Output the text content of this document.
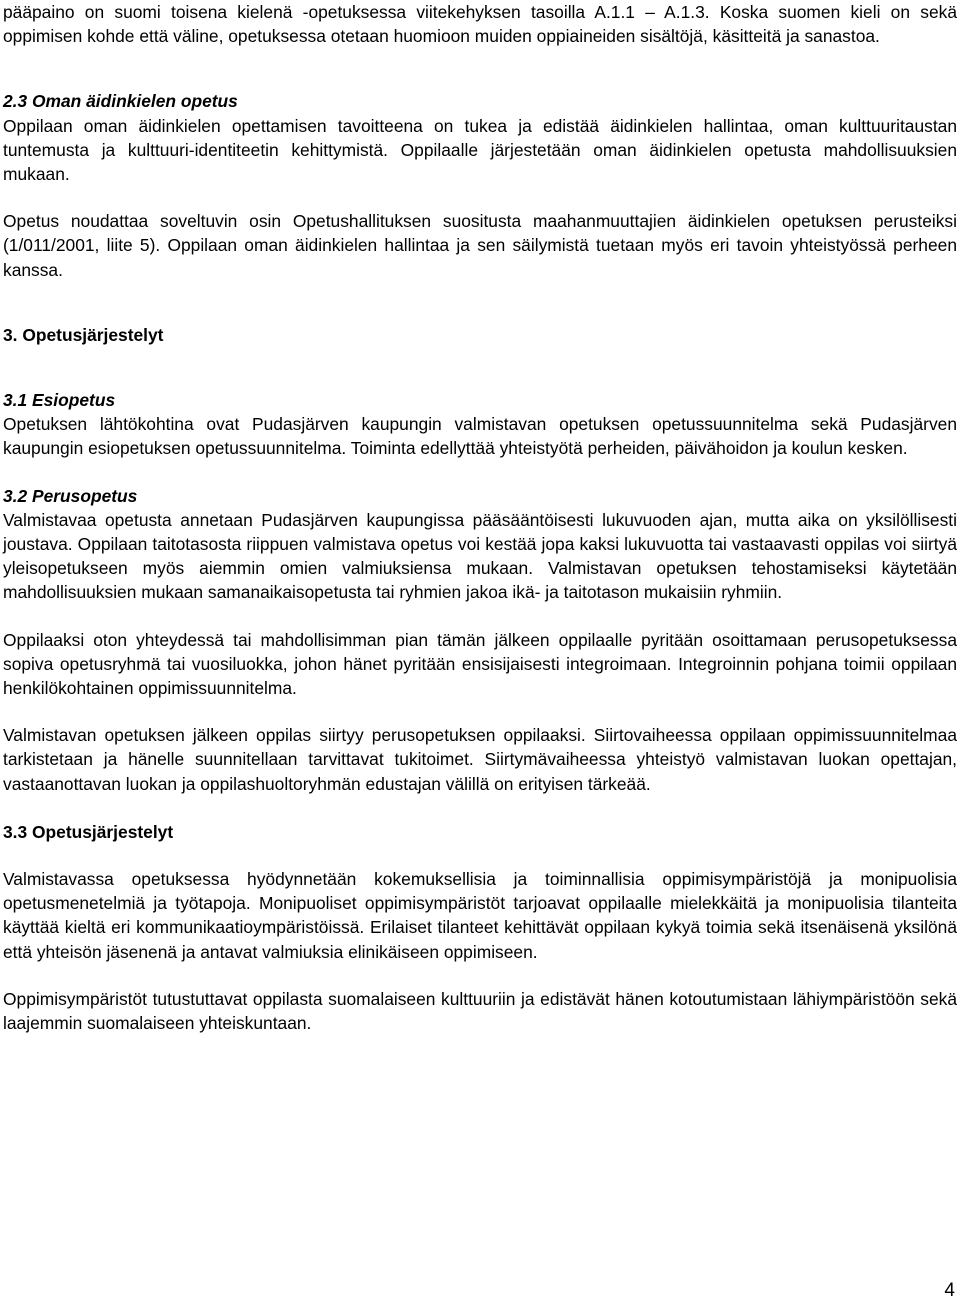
pääpaino on suomi toisena kielenä -opetuksessa viitekehyksen tasoilla A.1.1 – A.1.3. Koska suomen kieli on sekä oppimisen kohde että väline, opetuksessa otetaan huomioon muiden oppiaineiden sisältöjä, käsitteitä ja sanastoa.

2.3 Oman äidinkielen opetus

Oppilaan oman äidinkielen opettamisen tavoitteena on tukea ja edistää äidinkielen hallintaa, oman kulttuuritaustan tuntemusta ja kulttuuri-identiteetin kehittymistä. Oppilaalle järjestetään oman äidinkielen opetusta mahdollisuuksien mukaan.

Opetus noudattaa soveltuvin osin Opetushallituksen suositusta maahanmuuttajien äidinkielen opetuksen perusteiksi (1/011/2001, liite 5). Oppilaan oman äidinkielen hallintaa ja sen säilymistä tuetaan myös eri tavoin yhteistyössä perheen kanssa.

3. Opetusjärjestelyt
3.1 Esiopetus

Opetuksen lähtökohtina ovat Pudasjärven kaupungin valmistavan opetuksen opetussuunnitelma sekä Pudasjärven kaupungin esiopetuksen opetussuunnitelma. Toiminta edellyttää yhteistyötä perheiden, päivähoidon ja koulun kesken.

3.2 Perusopetus

Valmistavaa opetusta annetaan Pudasjärven kaupungissa pääsääntöisesti lukuvuoden ajan, mutta aika on yksilöllisesti joustava. Oppilaan taitotasosta riippuen valmistava opetus voi kestää jopa kaksi lukuvuotta tai vastaavasti oppilas voi siirtyä yleisopetukseen myös aiemmin omien valmiuksiensa mukaan. Valmistavan opetuksen tehostamiseksi käytetään mahdollisuuksien mukaan samanaikaisopetusta tai ryhmien jakoa ikä- ja taitotason mukaisiin ryhmiin.

Oppilaaksi oton yhteydessä tai mahdollisimman pian tämän jälkeen oppilaalle pyritään osoittamaan perusopetuksessa sopiva opetusryhmä tai vuosiluokka, johon hänet pyritään ensisijaisesti integroimaan. Integroinnin pohjana toimii oppilaan henkilökohtainen oppimissuunnitelma.

Valmistavan opetuksen jälkeen oppilas siirtyy perusopetuksen oppilaaksi. Siirtovaiheessa oppilaan oppimissuunnitelmaa tarkistetaan ja hänelle suunnitellaan tarvittavat tukitoimet. Siirtymävaiheessa yhteistyö valmistavan luokan opettajan, vastaanottavan luokan ja oppilashuoltoryhmän edustajan välillä on erityisen tärkeää.

3.3 Opetusjärjestelyt

Valmistavassa opetuksessa hyödynnetään kokemuksellisia ja toiminnallisia oppimisympäristöjä ja monipuolisia opetusmenetelmiä ja työtapoja. Monipuoliset oppimisympäristöt tarjoavat oppilaalle mielekkäitä ja monipuolisia tilanteita käyttää kieltä eri kommunikaatioympäristöissä. Erilaiset tilanteet kehittävät oppilaan kykyä toimia sekä itsenäisenä yksilönä että yhteisön jäsenenä ja antavat valmiuksia elinikäiseen oppimiseen.

Oppimisympäristöt tutustuttavat oppilasta suomalaiseen kulttuuriin ja edistävät hänen kotoutumistaan lähiympäristöön sekä laajemmin suomalaiseen yhteiskuntaan.

4
